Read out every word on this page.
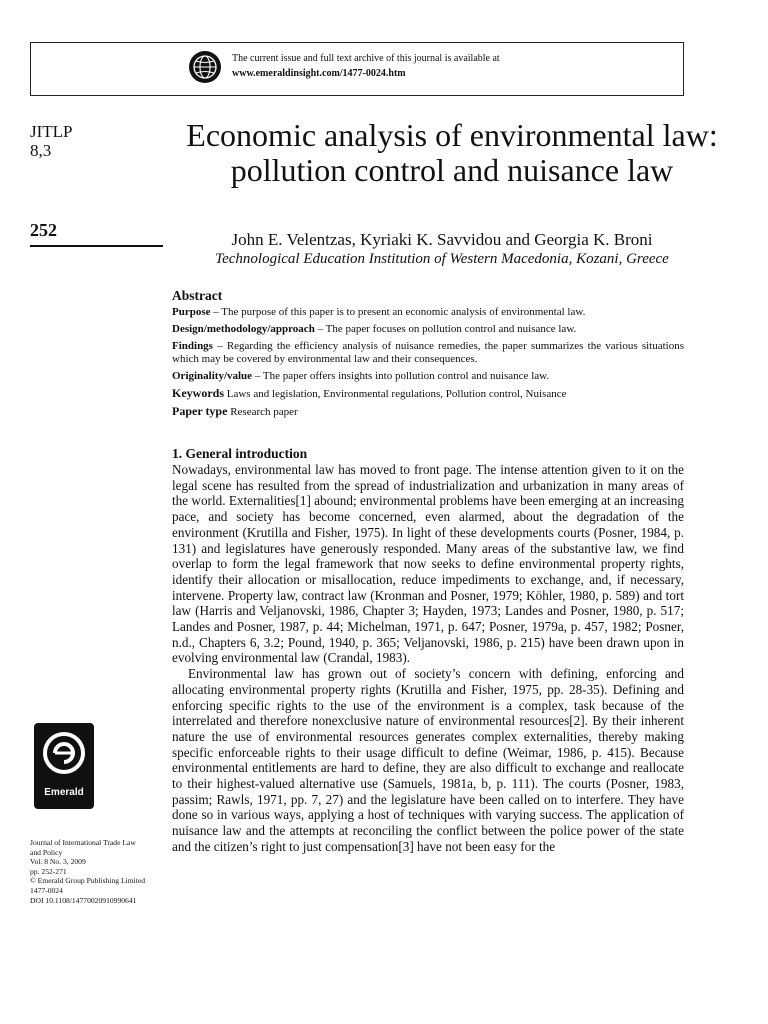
The current issue and full text archive of this journal is available at
www.emeraldinsight.com/1477-0024.htm
JITLP
8,3
252
Economic analysis of environmental law: pollution control and nuisance law
John E. Velentzas, Kyriaki K. Savvidou and Georgia K. Broni
Technological Education Institution of Western Macedonia, Kozani, Greece
Abstract

Purpose – The purpose of this paper is to present an economic analysis of environmental law.

Design/methodology/approach – The paper focuses on pollution control and nuisance law.

Findings – Regarding the efficiency analysis of nuisance remedies, the paper summarizes the various situations which may be covered by environmental law and their consequences.

Originality/value – The paper offers insights into pollution control and nuisance law.

Keywords Laws and legislation, Environmental regulations, Pollution control, Nuisance

Paper type Research paper

1. General introduction

Nowadays, environmental law has moved to front page. The intense attention given to it on the legal scene has resulted from the spread of industrialization and urbanization in many areas of the world. Externalities[1] abound; environmental problems have been emerging at an increasing pace, and society has become concerned, even alarmed, about the degradation of the environment (Krutilla and Fisher, 1975). In light of these developments courts (Posner, 1984, p. 131) and legislatures have generously responded. Many areas of the substantive law, we find overlap to form the legal framework that now seeks to define environmental property rights, identify their allocation or misallocation, reduce impediments to exchange, and, if necessary, intervene. Property law, contract law (Kronman and Posner, 1979; Köhler, 1980, p. 589) and tort law (Harris and Veljanovski, 1986, Chapter 3; Hayden, 1973; Landes and Posner, 1980, p. 517; Landes and Posner, 1987, p. 44; Michelman, 1971, p. 647; Posner, 1979a, p. 457, 1982; Posner, n.d., Chapters 6, 3.2; Pound, 1940, p. 365; Veljanovski, 1986, p. 215) have been drawn upon in evolving environmental law (Crandal, 1983).

Environmental law has grown out of society’s concern with defining, enforcing and allocating environmental property rights (Krutilla and Fisher, 1975, pp. 28-35). Defining and enforcing specific rights to the use of the environment is a complex, task because of the interrelated and therefore nonexclusive nature of environmental resources[2]. By their inherent nature the use of environmental resources generates complex externalities, thereby making specific enforceable rights to their usage difficult to define (Weimar, 1986, p. 415). Because environmental entitlements are hard to define, they are also difficult to exchange and reallocate to their highest-valued alternative use (Samuels, 1981a, b, p. 111). The courts (Posner, 1983, passim; Rawls, 1971, pp. 7, 27) and the legislature have been called on to interfere. They have done so in various ways, applying a host of techniques with varying success. The application of nuisance law and the attempts at reconciling the conflict between the police power of the state and the citizen’s right to just compensation[3] have not been easy for the

Emerald
Journal of International Trade Law
and Policy
Vol. 8 No. 3, 2009
pp. 252-271
© Emerald Group Publishing Limited
1477-0024
DOI 10.1108/14770020910990641
